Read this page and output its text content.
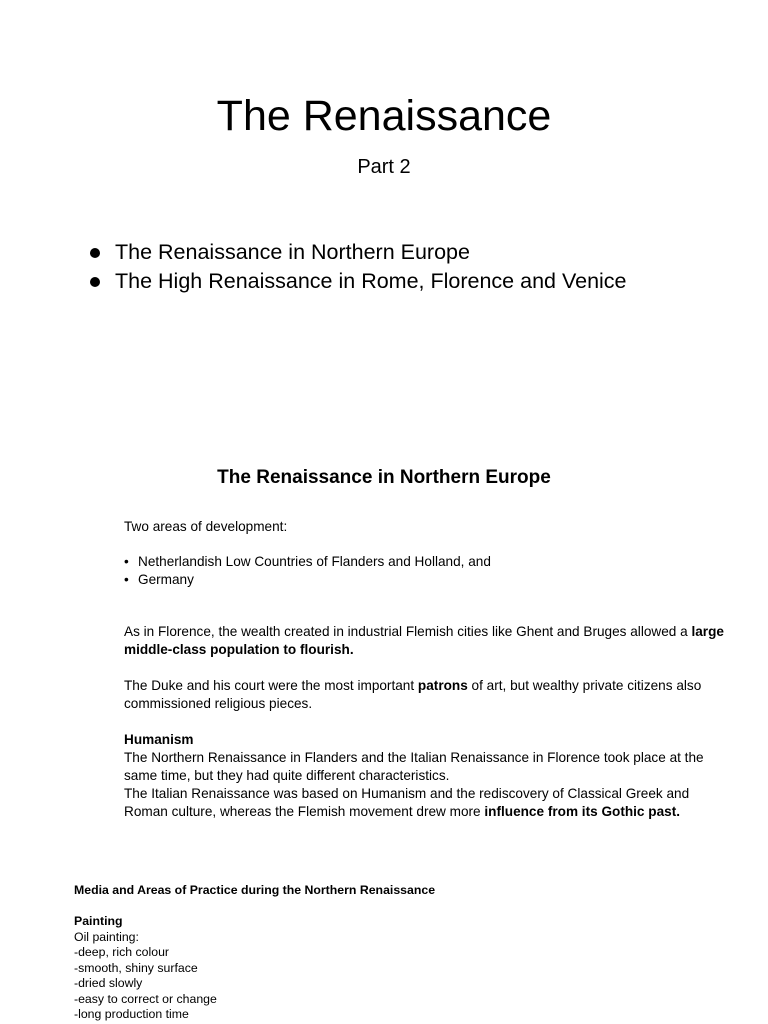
The Renaissance
Part 2
The Renaissance in Northern Europe
The High Renaissance in Rome, Florence and Venice
The Renaissance in Northern Europe

Two areas of development:

• Netherlandish Low Countries of Flanders and Holland, and
• Germany

As in Florence, the wealth created in industrial Flemish cities like Ghent and Bruges allowed a large middle-class population to flourish.

The Duke and his court were the most important patrons of art, but wealthy private citizens also commissioned religious pieces.

Humanism

The Northern Renaissance in Flanders and the Italian Renaissance in Florence took place at the same time, but they had quite different characteristics.
The Italian Renaissance was based on Humanism and the rediscovery of Classical Greek and Roman culture, whereas the Flemish movement drew more influence from its Gothic past.

Media and Areas of Practice during the Northern Renaissance
Painting
Oil painting:
-deep, rich colour
-smooth, shiny surface
-dried slowly
-easy to correct or change
-long production time
